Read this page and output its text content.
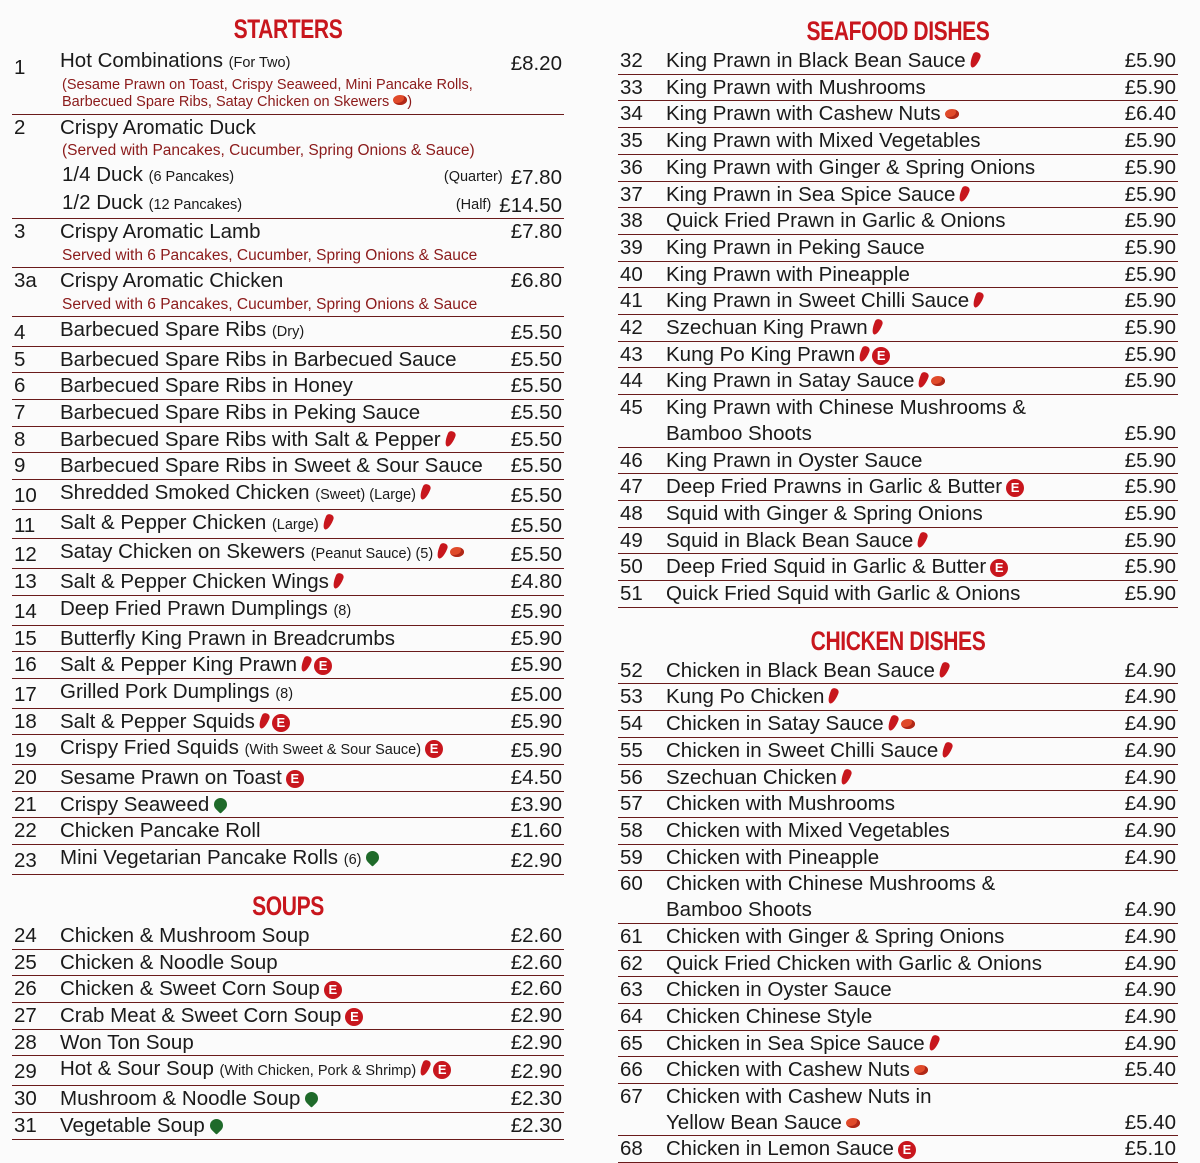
STARTERS
1	Hot Combinations (For Two)	£8.20
(Sesame Prawn on Toast, Crispy Seaweed, Mini Pancake Rolls,
Barbecued Spare Ribs, Satay Chicken on Skewers )
2	Crispy Aromatic Duck
(Served with Pancakes, Cucumber, Spring Onions & Sauce)
1/4 Duck (6 Pancakes)	(Quarter) £7.80
1/2 Duck (12 Pancakes)	(Half) £14.50
3	Crispy Aromatic Lamb	£7.80
Served with 6 Pancakes, Cucumber, Spring Onions & Sauce
3a	Crispy Aromatic Chicken	£6.80
Served with 6 Pancakes, Cucumber, Spring Onions & Sauce
4	Barbecued Spare Ribs (Dry)	£5.50
5	Barbecued Spare Ribs in Barbecued Sauce	£5.50
6	Barbecued Spare Ribs in Honey	£5.50
7	Barbecued Spare Ribs in Peking Sauce	£5.50
8	Barbecued Spare Ribs with Salt & Pepper	£5.50
9	Barbecued Spare Ribs in Sweet & Sour Sauce	£5.50
10	Shredded Smoked Chicken (Sweet) (Large)	£5.50
11	Salt & Pepper Chicken (Large)	£5.50
12	Satay Chicken on Skewers (Peanut Sauce) (5)	£5.50
13	Salt & Pepper Chicken Wings	£4.80
14	Deep Fried Prawn Dumplings (8)	£5.90
15	Butterfly King Prawn in Breadcrumbs	£5.90
16	Salt & Pepper King Prawn E	£5.90
17	Grilled Pork Dumplings (8)	£5.00
18	Salt & Pepper Squids E	£5.90
19	Crispy Fried Squids (With Sweet & Sour Sauce) E	£5.90
20	Sesame Prawn on Toast E	£4.50
21	Crispy Seaweed	£3.90
22	Chicken Pancake Roll	£1.60
23	Mini Vegetarian Pancake Rolls (6)	£2.90
SOUPS
24	Chicken & Mushroom Soup	£2.60
25	Chicken & Noodle Soup	£2.60
26	Chicken & Sweet Corn Soup E	£2.60
27	Crab Meat & Sweet Corn Soup E	£2.90
28	Won Ton Soup	£2.90
29	Hot & Sour Soup (With Chicken, Pork & Shrimp) E	£2.90
30	Mushroom & Noodle Soup	£2.30
31	Vegetable Soup	£2.30
SEAFOOD DISHES
32	King Prawn in Black Bean Sauce	£5.90
33	King Prawn with Mushrooms	£5.90
34	King Prawn with Cashew Nuts	£6.40
35	King Prawn with Mixed Vegetables	£5.90
36	King Prawn with Ginger & Spring Onions	£5.90
37	King Prawn in Sea Spice Sauce	£5.90
38	Quick Fried Prawn in Garlic & Onions	£5.90
39	King Prawn in Peking Sauce	£5.90
40	King Prawn with Pineapple	£5.90
41	King Prawn in Sweet Chilli Sauce	£5.90
42	Szechuan King Prawn	£5.90
43	Kung Po King Prawn E	£5.90
44	King Prawn in Satay Sauce	£5.90
45	King Prawn with Chinese Mushrooms &
Bamboo Shoots	£5.90
46	King Prawn in Oyster Sauce	£5.90
47	Deep Fried Prawns in Garlic & Butter E	£5.90
48	Squid with Ginger & Spring Onions	£5.90
49	Squid in Black Bean Sauce	£5.90
50	Deep Fried Squid in Garlic & Butter E	£5.90
51	Quick Fried Squid with Garlic & Onions	£5.90
CHICKEN DISHES
52	Chicken in Black Bean Sauce	£4.90
53	Kung Po Chicken	£4.90
54	Chicken in Satay Sauce	£4.90
55	Chicken in Sweet Chilli Sauce	£4.90
56	Szechuan Chicken	£4.90
57	Chicken with Mushrooms	£4.90
58	Chicken with Mixed Vegetables	£4.90
59	Chicken with Pineapple	£4.90
60	Chicken with Chinese Mushrooms &
Bamboo Shoots	£4.90
61	Chicken with Ginger & Spring Onions	£4.90
62	Quick Fried Chicken with Garlic & Onions	£4.90
63	Chicken in Oyster Sauce	£4.90
64	Chicken Chinese Style	£4.90
65	Chicken in Sea Spice Sauce	£4.90
66	Chicken with Cashew Nuts	£5.40
67	Chicken with Cashew Nuts in
Yellow Bean Sauce	£5.40
68	Chicken in Lemon Sauce E	£5.10
